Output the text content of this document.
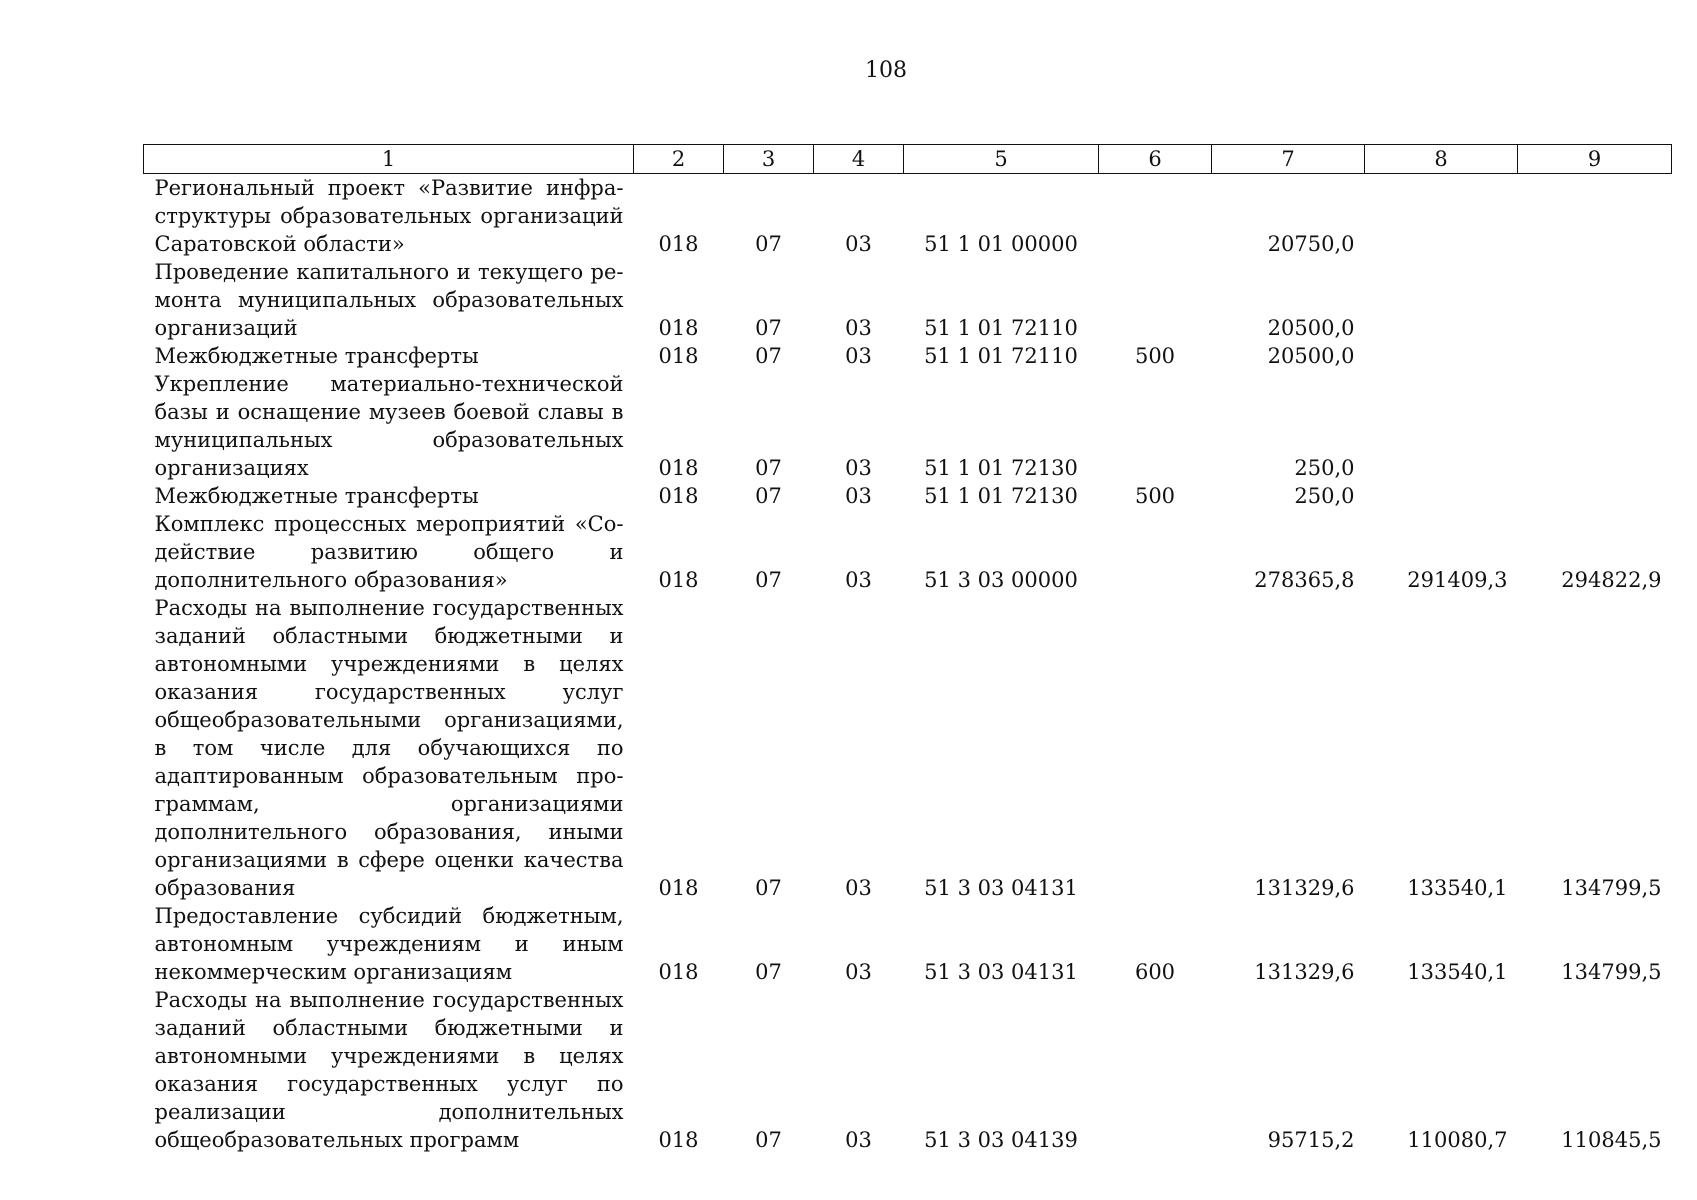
108
1	2	3	4	5	6	7	8	9
Региональный проект «Развитие инфраструктуры образовательных организаций Саратовской области»	018	07	03	51 1 01 00000		20750,0		
Проведение капитального и текущего ремонта муниципальных образовательных организаций	018	07	03	51 1 01 72110		20500,0		
Межбюджетные трансферты	018	07	03	51 1 01 72110	500	20500,0		
Укрепление материально-технической базы и оснащение музеев боевой славы в муниципальных образовательных организациях	018	07	03	51 1 01 72130		250,0		
Межбюджетные трансферты	018	07	03	51 1 01 72130	500	250,0		
Комплекс процессных мероприятий «Содействие развитию общего и дополнительного образования»	018	07	03	51 3 03 00000		278365,8	291409,3	294822,9
Расходы на выполнение государственных заданий областными бюджетными и автономными учреждениями в целях оказания государственных услуг общеобразовательными организациями, в том числе для обучающихся по адаптированным образовательным программам, организациями дополнительного образования, иными организациями в сфере оценки качества образования	018	07	03	51 3 03 04131		131329,6	133540,1	134799,5
Предоставление субсидий бюджетным, автономным учреждениям и иным некоммерческим организациям	018	07	03	51 3 03 04131	600	131329,6	133540,1	134799,5
Расходы на выполнение государственных заданий областными бюджетными и автономными учреждениями в целях оказания государственных услуг по реализации дополнительных общеобразовательных программ	018	07	03	51 3 03 04139		95715,2	110080,7	110845,5
